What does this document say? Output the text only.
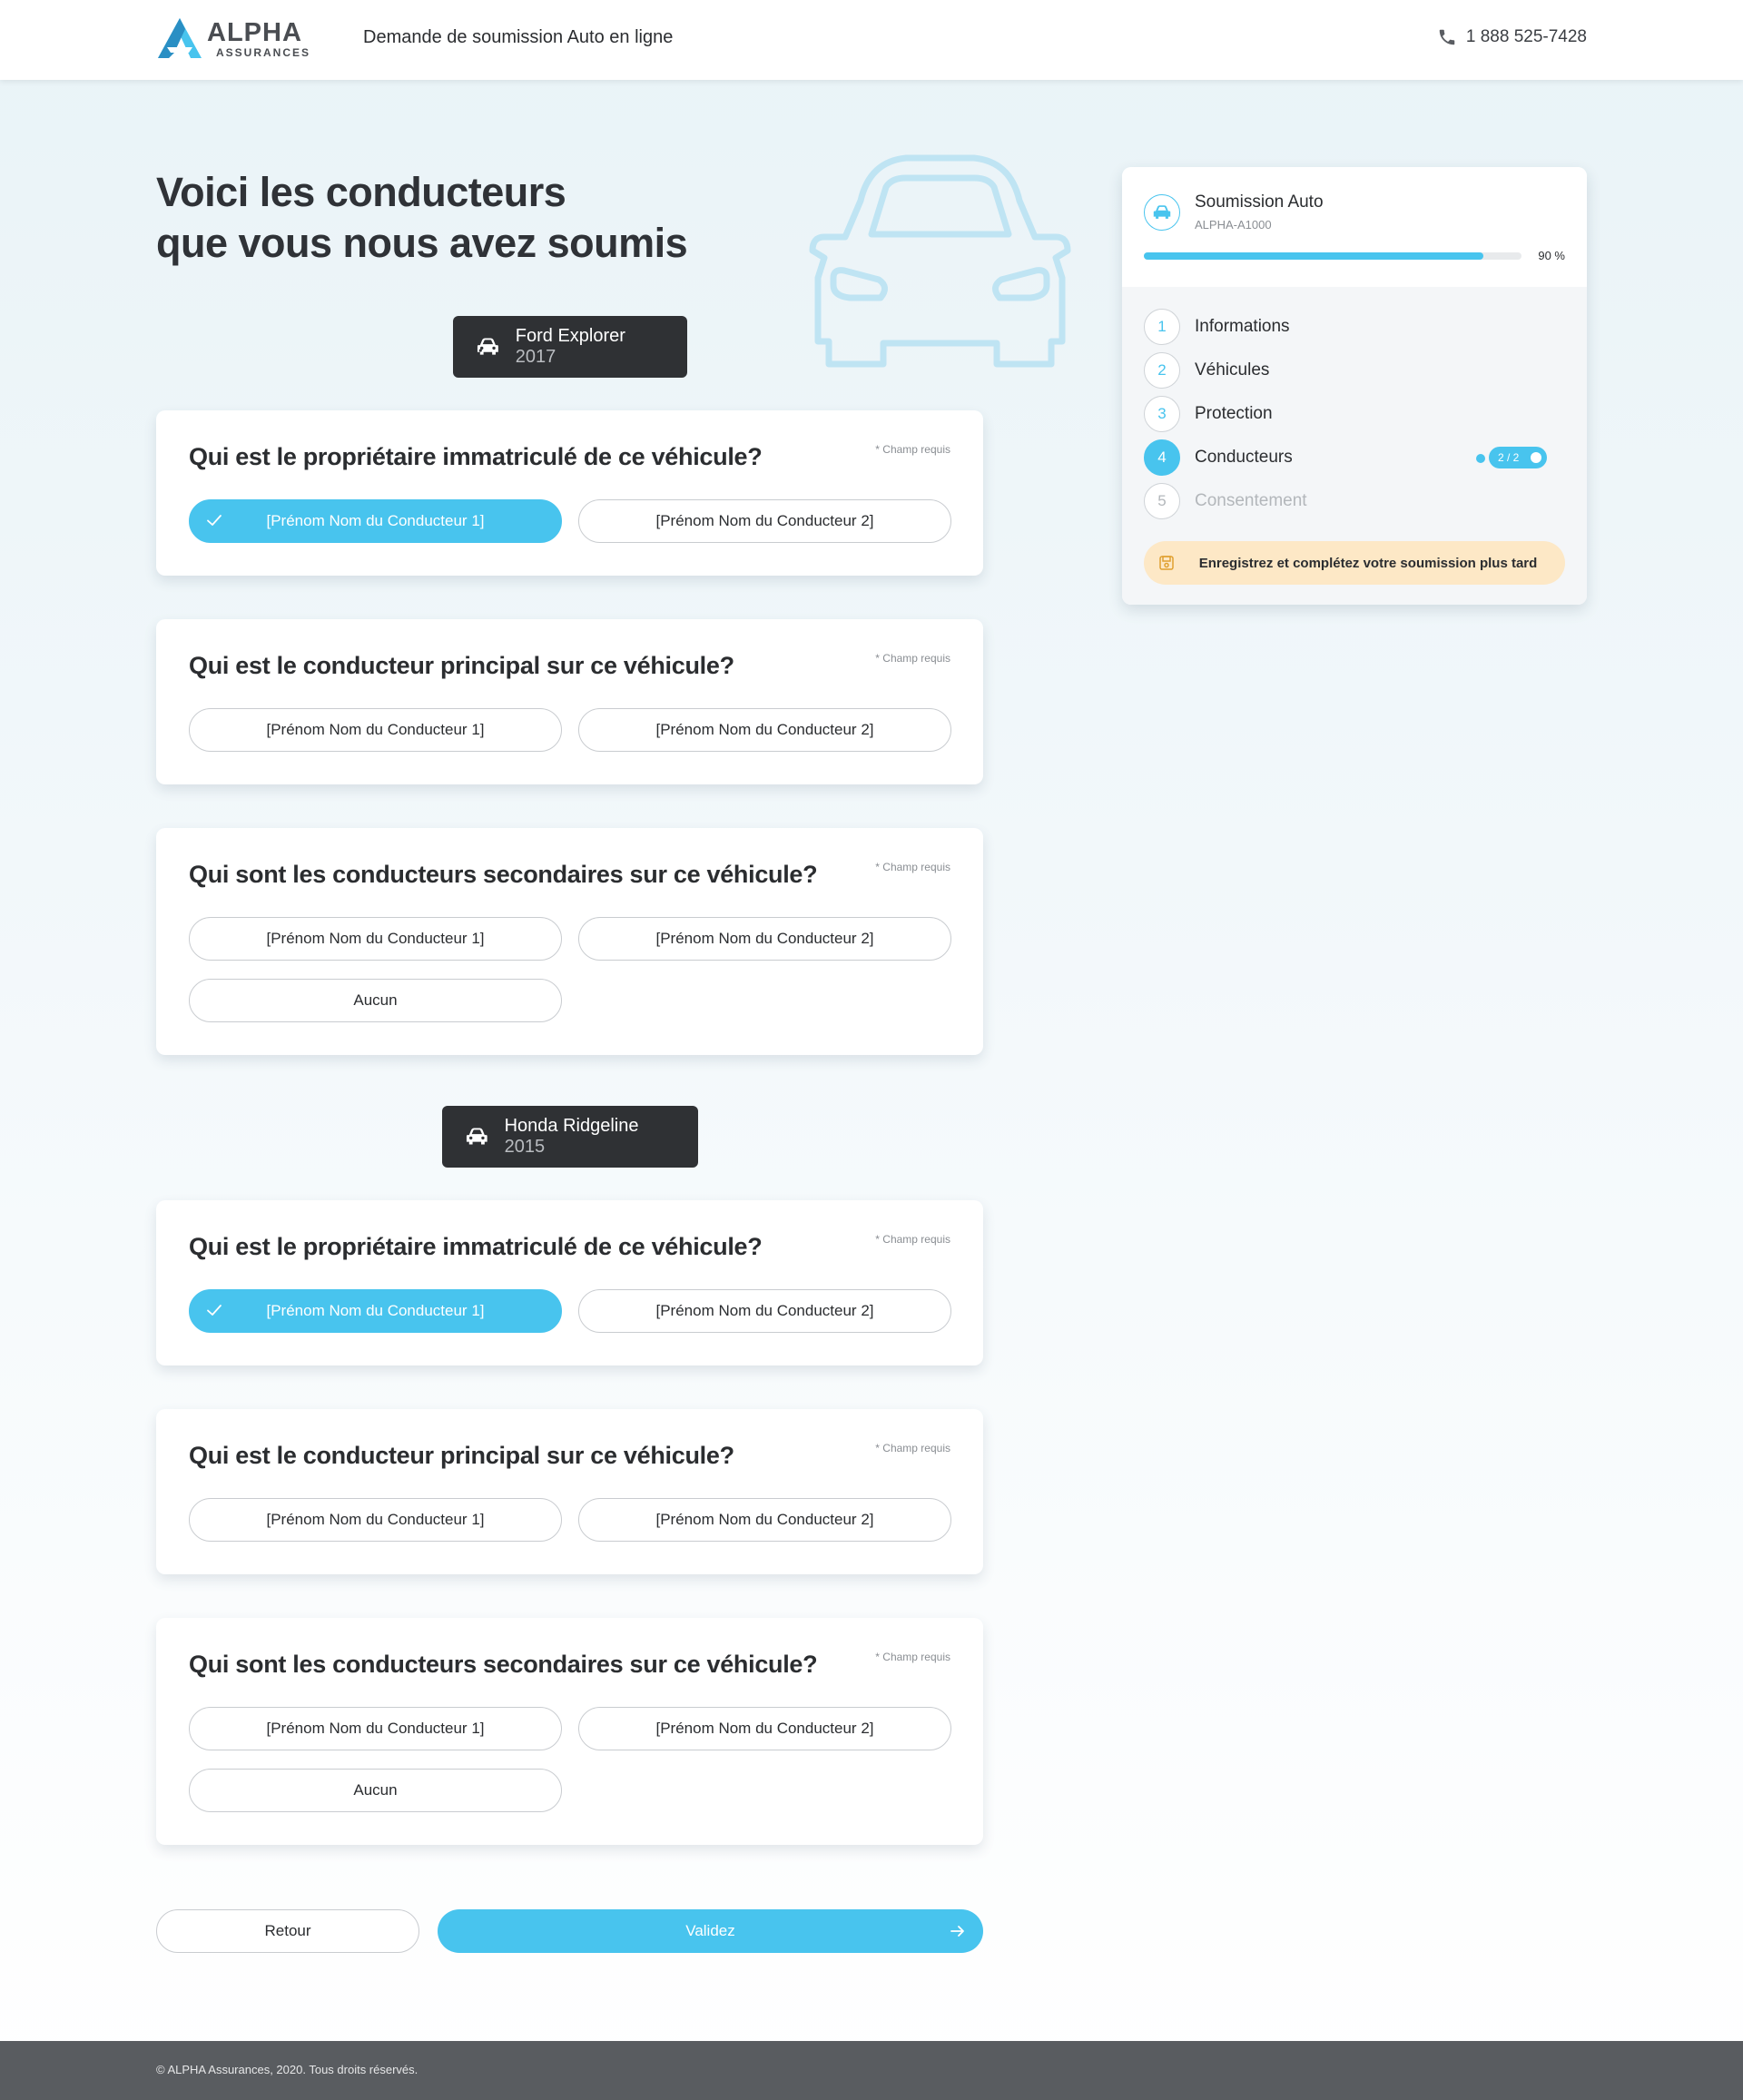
ALPHA
ASSURANCES
Demande de soumission Auto en ligne	1 888 525-7428
Voici les conducteurs
que vous nous avez soumis
Ford Explorer 2017
Qui est le propriétaire immatriculé de ce véhicule?	* Champ requis
[Prénom Nom du Conducteur 1]	[Prénom Nom du Conducteur 2]
Qui est le conducteur principal sur ce véhicule?	* Champ requis
[Prénom Nom du Conducteur 1]	[Prénom Nom du Conducteur 2]
Qui sont les conducteurs secondaires sur ce véhicule?	* Champ requis
[Prénom Nom du Conducteur 1]	[Prénom Nom du Conducteur 2]
Aucun
Honda Ridgeline 2015
Qui est le propriétaire immatriculé de ce véhicule?	* Champ requis
[Prénom Nom du Conducteur 1]	[Prénom Nom du Conducteur 2]
Qui est le conducteur principal sur ce véhicule?	* Champ requis
[Prénom Nom du Conducteur 1]	[Prénom Nom du Conducteur 2]
Qui sont les conducteurs secondaires sur ce véhicule?	* Champ requis
[Prénom Nom du Conducteur 1]	[Prénom Nom du Conducteur 2]
Aucun
Retour	Validez
Soumission Auto
ALPHA-A1000
90 %
1	Informations
2	Véhicules
3	Protection
4	Conducteurs	2 / 2
5	Consentement
Enregistrez et complétez votre soumission plus tard
© ALPHA Assurances, 2020. Tous droits réservés.
